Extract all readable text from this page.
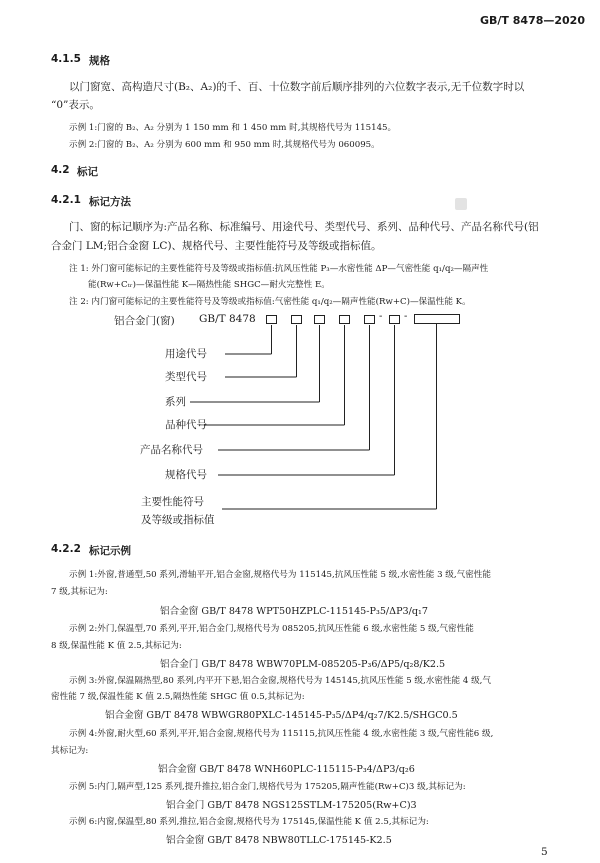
GB/T 8478—2020
4.1.5 规格
以门窗宽、高构造尺寸(B₂、A₂)的千、百、十位数字前后顺序排列的六位数字表示,无千位数字时以
“0”表示。
示例 1:门窗的 B₂、A₂ 分别为 1 150 mm 和 1 450 mm 时,其规格代号为 115145。
示例 2:门窗的 B₂、A₂ 分别为 600 mm 和 950 mm 时,其规格代号为 060095。
4.2 标记
4.2.1 标记方法
门、窗的标记顺序为:产品名称、标准编号、用途代号、类型代号、系列、品种代号、产品名称代号(铝
合金门 LM;铝合金窗 LC)、规格代号、主要性能符号及等级或指标值。
注 1: 外门窗可能标记的主要性能符号及等级或指标值:抗风压性能 P₃—水密性能 ΔP—气密性能 q₁/q₂—隔声性
能(Rw+Cₜᵣ)—保温性能 K—隔热性能 SHGC—耐火完整性 E。
注 2: 内门窗可能标记的主要性能符号及等级或指标值:气密性能 q₁/q₂—隔声性能(Rw+C)—保温性能 K。
铝合金门(窗) GB/T 8478	- -
用途代号
类型代号
系列
品种代号
产品名称代号
规格代号
主要性能符号
及等级或指标值
4.2.2 标记示例
示例 1:外窗,普通型,50 系列,滑轴平开,铝合金窗,规格代号为 115145,抗风压性能 5 级,水密性能 3 级,气密性能
7 级,其标记为:
铝合金窗 GB/T 8478 WPT50HZPLC-115145-P₃5/ΔP3/q₁7
示例 2:外门,保温型,70 系列,平开,铝合金门,规格代号为 085205,抗风压性能 6 级,水密性能 5 级,气密性能
8 级,保温性能 K 值 2.5,其标记为:
铝合金门 GB/T 8478 WBW70PLM-085205-P₃6/ΔP5/q₂8/K2.5
示例 3:外窗,保温隔热型,80 系列,内平开下悬,铝合金窗,规格代号为 145145,抗风压性能 5 级,水密性能 4 级,气
密性能 7 级,保温性能 K 值 2.5,隔热性能 SHGC 值 0.5,其标记为:
铝合金窗 GB/T 8478 WBWGR80PXLC-145145-P₃5/ΔP4/q₂7/K2.5/SHGC0.5
示例 4:外窗,耐火型,60 系列,平开,铝合金窗,规格代号为 115115,抗风压性能 4 级,水密性能 3 级,气密性能6 级,
其标记为:
铝合金窗 GB/T 8478 WNH60PLC-115115-P₃4/ΔP3/q₂6
示例 5:内门,隔声型,125 系列,提升推拉,铝合金门,规格代号为 175205,隔声性能(Rw+C)3 级,其标记为:
铝合金门 GB/T 8478 NGS125STLM-175205(Rw+C)3
示例 6:内窗,保温型,80 系列,推拉,铝合金窗,规格代号为 175145,保温性能 K 值 2.5,其标记为:
铝合金窗 GB/T 8478 NBW80TLLC-175145-K2.5
5
